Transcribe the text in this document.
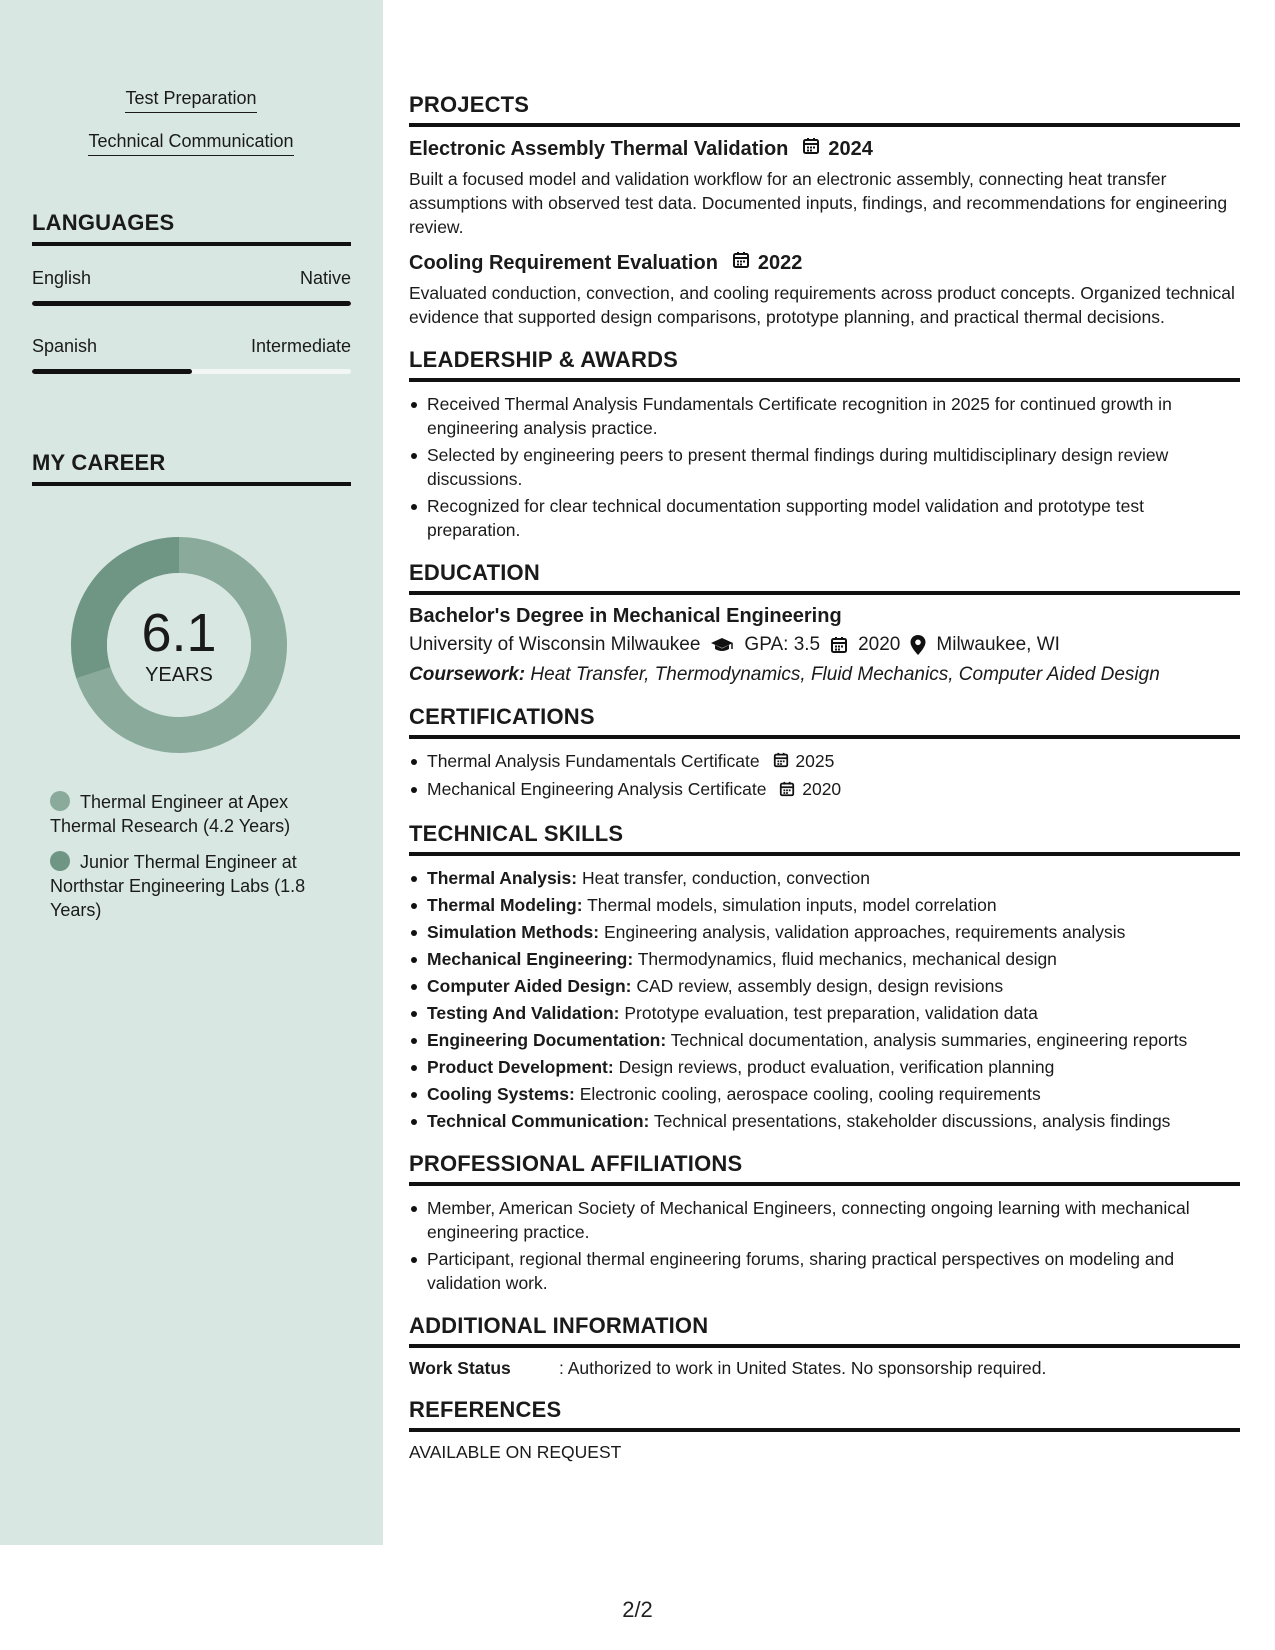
Test Preparation
Technical Communication
LANGUAGES
English	Native
Spanish	Intermediate
MY CAREER
6.1
YEARS
Thermal Engineer at Apex Thermal Research (4.2 Years)
Junior Thermal Engineer at Northstar Engineering Labs (1.8 Years)
PROJECTS
Electronic Assembly Thermal Validation 2024
Built a focused model and validation workflow for an electronic assembly, connecting heat transfer assumptions with observed test data. Documented inputs, findings, and recommendations for engineering review.
Cooling Requirement Evaluation 2022
Evaluated conduction, convection, and cooling requirements across product concepts. Organized technical evidence that supported design comparisons, prototype planning, and practical thermal decisions.
LEADERSHIP & AWARDS
Received Thermal Analysis Fundamentals Certificate recognition in 2025 for continued growth in engineering analysis practice.
Selected by engineering peers to present thermal findings during multidisciplinary design review discussions.
Recognized for clear technical documentation supporting model validation and prototype test preparation.
EDUCATION
Bachelor's Degree in Mechanical Engineering
University of Wisconsin Milwaukee GPA: 3.5 2020 Milwaukee, WI
Coursework: Heat Transfer, Thermodynamics, Fluid Mechanics, Computer Aided Design
CERTIFICATIONS
Thermal Analysis Fundamentals Certificate 2025
Mechanical Engineering Analysis Certificate 2020
TECHNICAL SKILLS
Thermal Analysis: Heat transfer, conduction, convection
Thermal Modeling: Thermal models, simulation inputs, model correlation
Simulation Methods: Engineering analysis, validation approaches, requirements analysis
Mechanical Engineering: Thermodynamics, fluid mechanics, mechanical design
Computer Aided Design: CAD review, assembly design, design revisions
Testing And Validation: Prototype evaluation, test preparation, validation data
Engineering Documentation: Technical documentation, analysis summaries, engineering reports
Product Development: Design reviews, product evaluation, verification planning
Cooling Systems: Electronic cooling, aerospace cooling, cooling requirements
Technical Communication: Technical presentations, stakeholder discussions, analysis findings
PROFESSIONAL AFFILIATIONS
Member, American Society of Mechanical Engineers, connecting ongoing learning with mechanical engineering practice.
Participant, regional thermal engineering forums, sharing practical perspectives on modeling and validation work.
ADDITIONAL INFORMATION
Work Status	: Authorized to work in United States. No sponsorship required.
REFERENCES
AVAILABLE ON REQUEST
2/2
